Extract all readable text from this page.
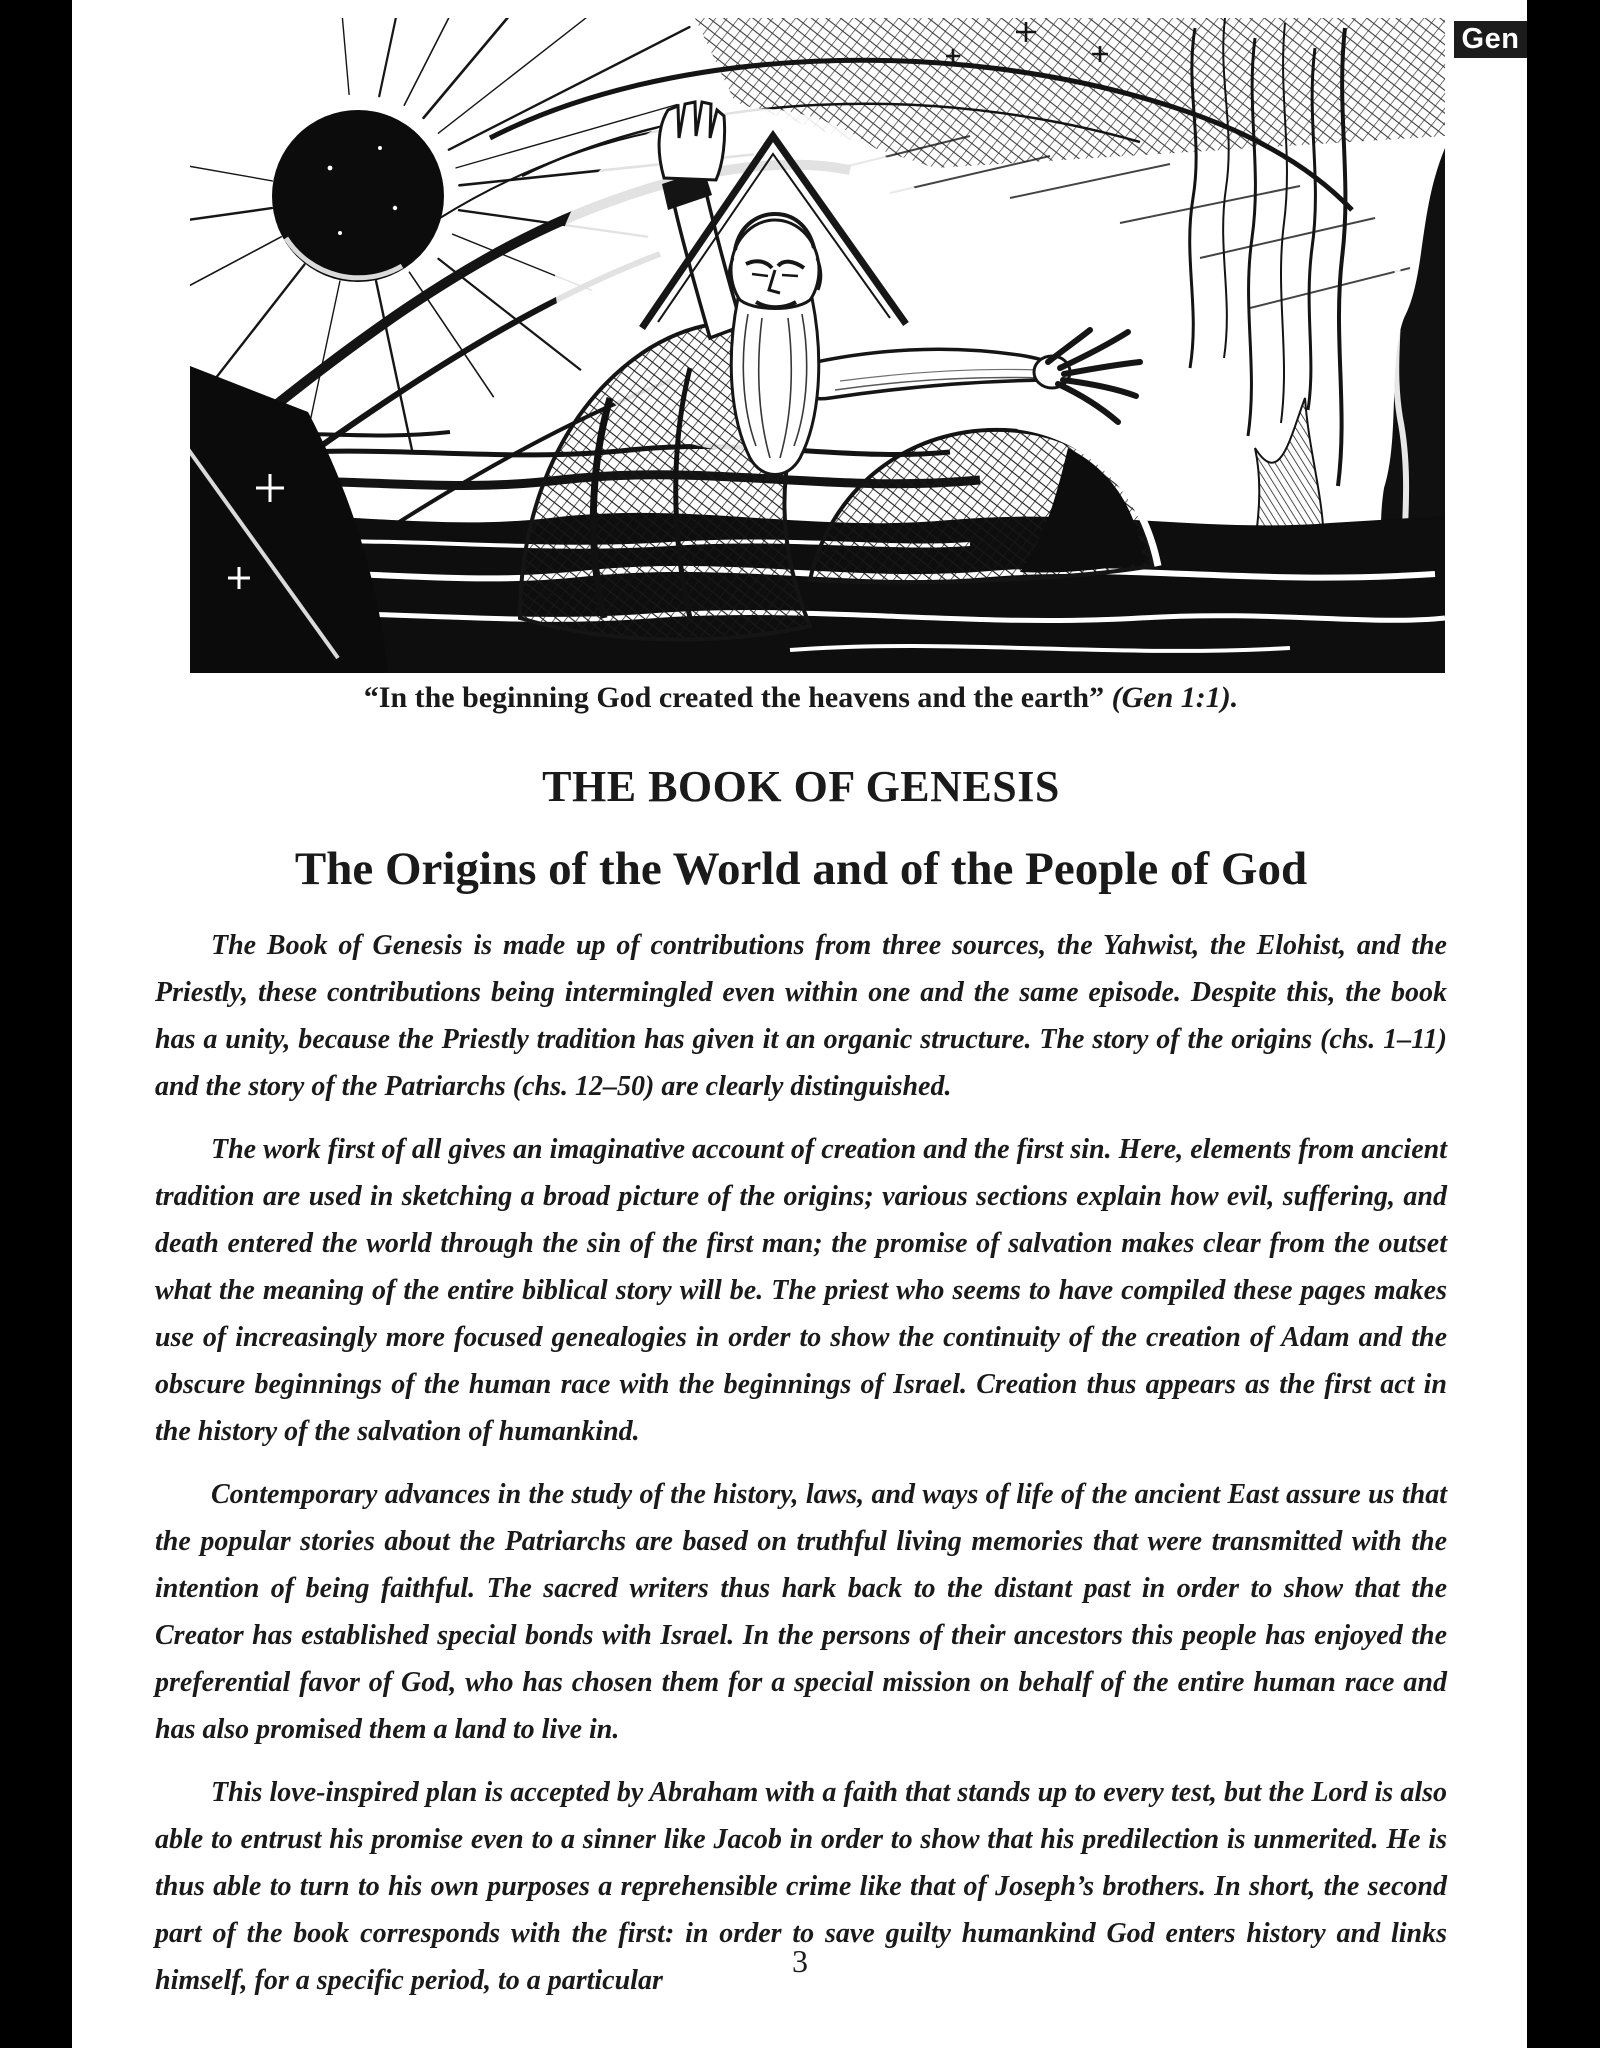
Gen
“In the beginning God created the heavens and the earth” (Gen 1:1).
THE BOOK OF GENESIS
The Origins of the World and of the People of God

The Book of Genesis is made up of contributions from three sources, the Yahwist, the Elohist, and the Priestly, these contributions being intermingled even within one and the same episode. Despite this, the book has a unity, because the Priestly tradition has given it an organic structure. The story of the origins (chs. 1–11) and the story of the Patriarchs (chs. 12–50) are clearly distinguished.

The work first of all gives an imaginative account of creation and the first sin. Here, elements from ancient tradition are used in sketching a broad picture of the origins; various sections explain how evil, suffering, and death entered the world through the sin of the first man; the promise of salvation makes clear from the outset what the meaning of the entire biblical story will be. The priest who seems to have compiled these pages makes use of increasingly more focused genealogies in order to show the continuity of the creation of Adam and the obscure beginnings of the human race with the beginnings of Israel. Creation thus appears as the first act in the history of the salvation of humankind.

Contemporary advances in the study of the history, laws, and ways of life of the ancient East assure us that the popular stories about the Patriarchs are based on truthful living memories that were transmitted with the intention of being faithful. The sacred writers thus hark back to the distant past in order to show that the Creator has established special bonds with Israel. In the persons of their ancestors this people has enjoyed the preferential favor of God, who has chosen them for a special mission on behalf of the entire human race and has also promised them a land to live in.

This love-inspired plan is accepted by Abraham with a faith that stands up to every test, but the Lord is also able to entrust his promise even to a sinner like Jacob in order to show that his predilection is unmerited. He is thus able to turn to his own purposes a reprehensible crime like that of Joseph’s brothers. In short, the second part of the book corresponds with the first: in order to save guilty humankind God enters history and links himself, for a specific period, to a particular

3
